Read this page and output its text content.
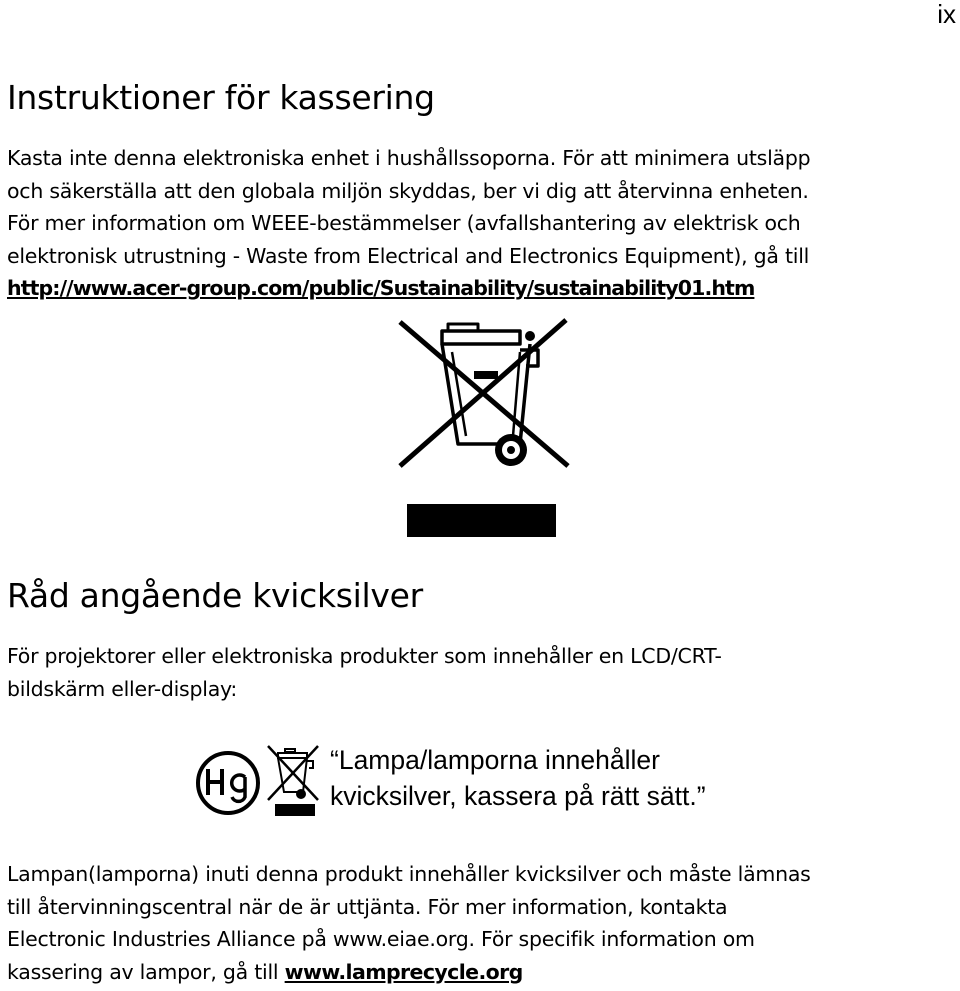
ix
Instruktioner för kassering
Kasta inte denna elektroniska enhet i hushållssoporna. För att minimera utsläpp
och säkerställa att den globala miljön skyddas, ber vi dig att återvinna enheten.
För mer information om WEEE-bestämmelser (avfallshantering av elektrisk och
elektronisk utrustning - Waste from Electrical and Electronics Equipment), gå till
http://www.acer-group.com/public/Sustainability/sustainability01.htm
Råd angående kvicksilver
För projektorer eller elektroniska produkter som innehåller en LCD/CRT-
bildskärm eller-display:
“Lampa/lamporna innehåller
kvicksilver, kassera på rätt sätt.”
Lampan(lamporna) inuti denna produkt innehåller kvicksilver och måste lämnas
till återvinningscentral när de är uttjänta. För mer information, kontakta
Electronic Industries Alliance på www.eiae.org. För specifik information om
kassering av lampor, gå till www.lamprecycle.org
